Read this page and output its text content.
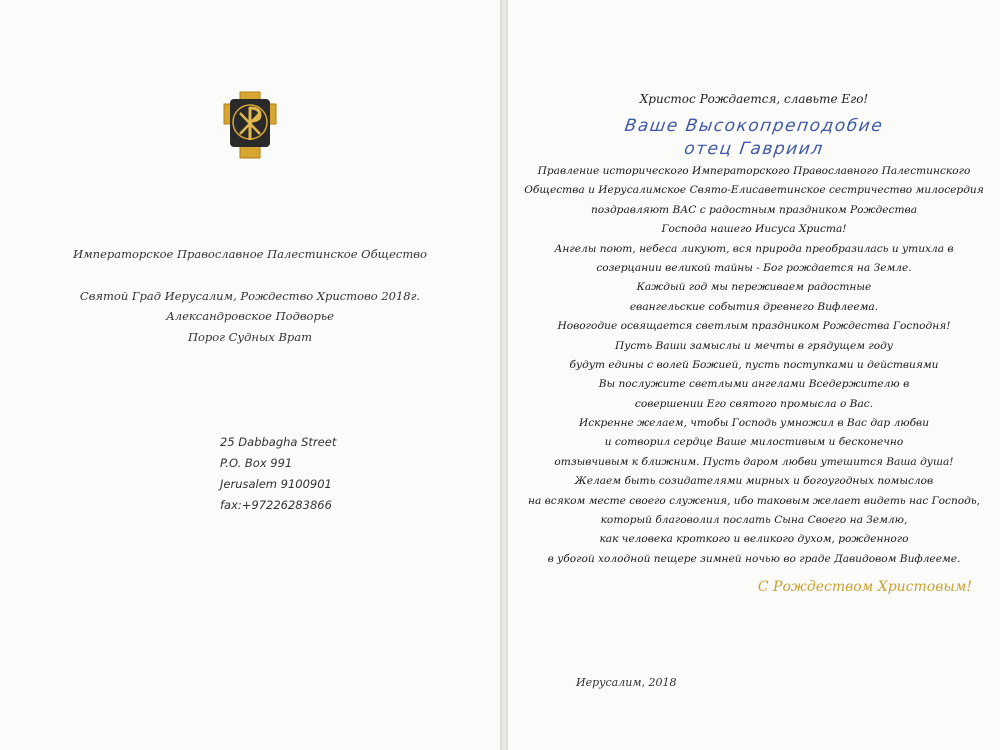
Императорское Православное Палестинское Общество
Святой Град Иерусалим, Рождество Христово 2018г.
Александровское Подворье
Порог Судных Врат
25 Dabbagha Street
P.O. Box 991
Jerusalem 9100901
fax:+97226283866
Христос Рождается, славьте Его!
Ваше Высокопреподобие
отец Гавриил
Правление исторического Императорского Православного Палестинского
Общества и Иерусалимское Свято-Елисаветинское сестричество милосердия
поздравляют ВАС с радостным праздником Рождества
Господа нашего Иисуса Христа!
Ангелы поют, небеса ликуют, вся природа преобразилась и утихла в
созерцании великой тайны - Бог рождается на Земле.
Каждый год мы переживаем радостные
евангельские события древнего Вифлеема.
Новогодие освящается светлым праздником Рождества Господня!
Пусть Ваши замыслы и мечты в грядущем году
будут едины с волей Божией, пусть поступками и действиями
Вы послужите светлыми ангелами Вседержителю в
совершении Его святого промысла о Вас.
Искренне желаем, чтобы Господь умножил в Вас дар любви
и сотворил сердце Ваше милостивым и бесконечно
отзывчивым к ближним. Пусть даром любви утешится Ваша душа!
Желаем быть созидателями мирных и богоугодных помыслов
на всяком месте своего служения, ибо таковым желает видеть нас Господь,
который благоволил послать Сына Своего на Землю,
как человека кроткого и великого духом, рожденного
в убогой холодной пещере зимней ночью во граде Давидовом Вифлееме.
С Рождеством Христовым!
Иерусалим, 2018
